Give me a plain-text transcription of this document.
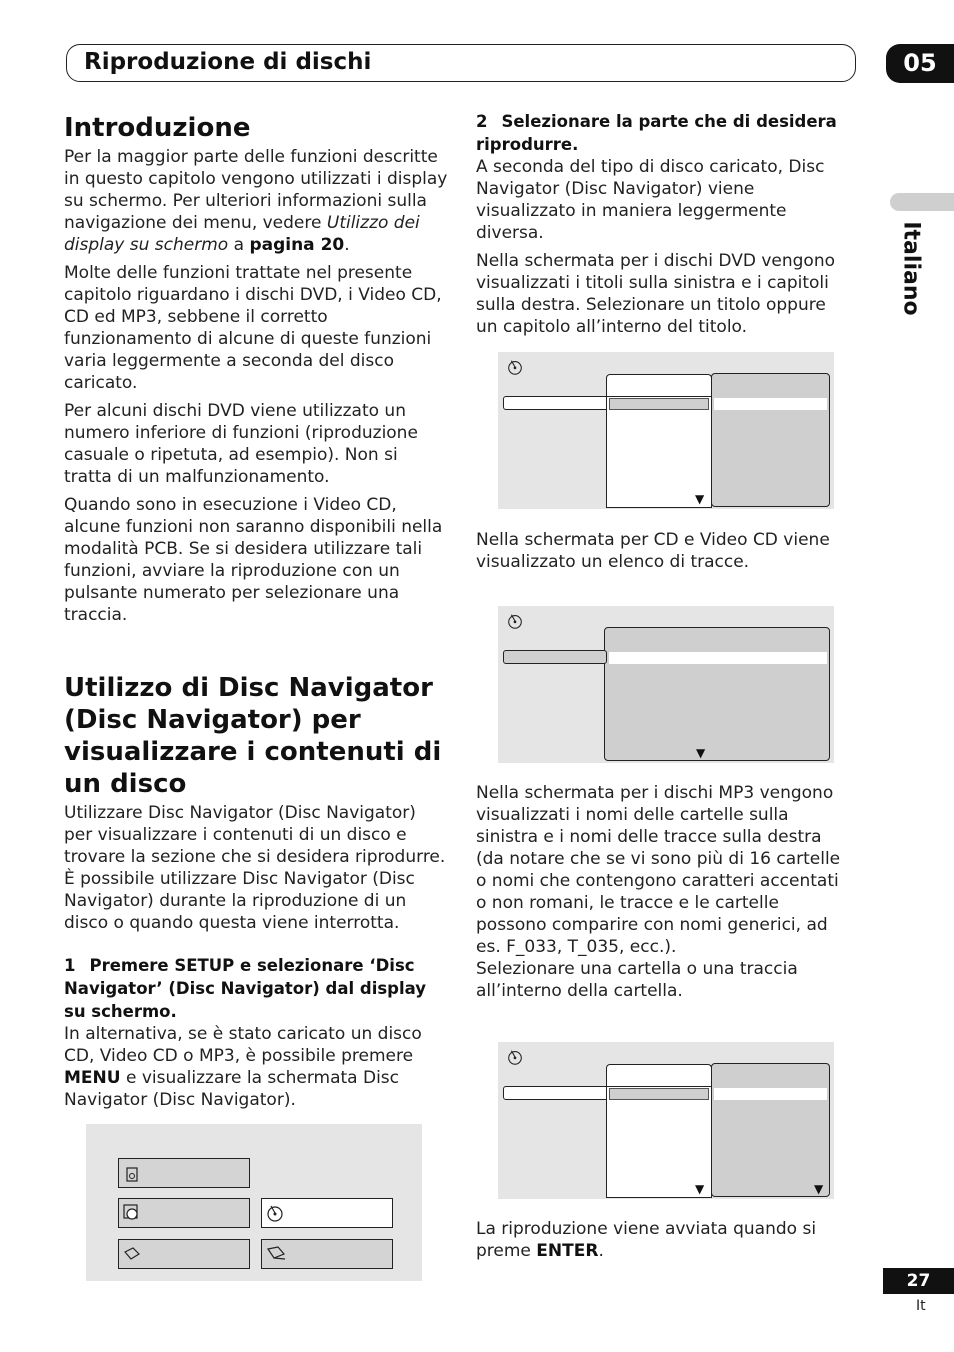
Riproduzione di dischi	05
Italiano
Introduzione

Per la maggior parte delle funzioni descritte in questo capitolo vengono utilizzati i display su schermo. Per ulteriori informazioni sulla navigazione dei menu, vedere Utilizzo dei display su schermo a pagina 20.

Molte delle funzioni trattate nel presente capitolo riguardano i dischi DVD, i Video CD, CD ed MP3, sebbene il corretto funzionamento di alcune di queste funzioni varia leggermente a seconda del disco caricato.

Per alcuni dischi DVD viene utilizzato un numero inferiore di funzioni (riproduzione casuale o ripetuta, ad esempio). Non si tratta di un malfunzionamento.

Quando sono in esecuzione i Video CD, alcune funzioni non saranno disponibili nella modalità PCB. Se si desidera utilizzare tali funzioni, avviare la riproduzione con un pulsante numerato per selezionare una traccia.

Utilizzo di Disc Navigator (Disc Navigator) per visualizzare i contenuti di un disco

Utilizzare Disc Navigator (Disc Navigator) per visualizzare i contenuti di un disco e trovare la sezione che si desidera riprodurre. È possibile utilizzare Disc Navigator (Disc Navigator) durante la riproduzione di un disco o quando questa viene interrotta.

1 Premere SETUP e selezionare ‘Disc Navigator’ (Disc Navigator) dal display su schermo.

In alternativa, se è stato caricato un disco CD, Video CD o MP3, è possibile premere MENU e visualizzare la schermata Disc Navigator (Disc Navigator).

2 Selezionare la parte che di desidera riprodurre.

A seconda del tipo di disco caricato, Disc Navigator (Disc Navigator) viene visualizzato in maniera leggermente diversa.

Nella schermata per i dischi DVD vengono visualizzati i titoli sulla sinistra e i capitoli sulla destra. Selezionare un titolo oppure un capitolo all’interno del titolo.

Nella schermata per CD e Video CD viene visualizzato un elenco di tracce.

Nella schermata per i dischi MP3 vengono visualizzati i nomi delle cartelle sulla sinistra e i nomi delle tracce sulla destra (da notare che se vi sono più di 16 cartelle o nomi che contengono caratteri accentati o non romani, le tracce e le cartelle possono comparire con nomi generici, ad es. F_033, T_035, ecc.).

Selezionare una cartella o una traccia all’interno della cartella.

La riproduzione viene avviata quando si preme ENTER.
▼
▼
▼	▼
27
It
